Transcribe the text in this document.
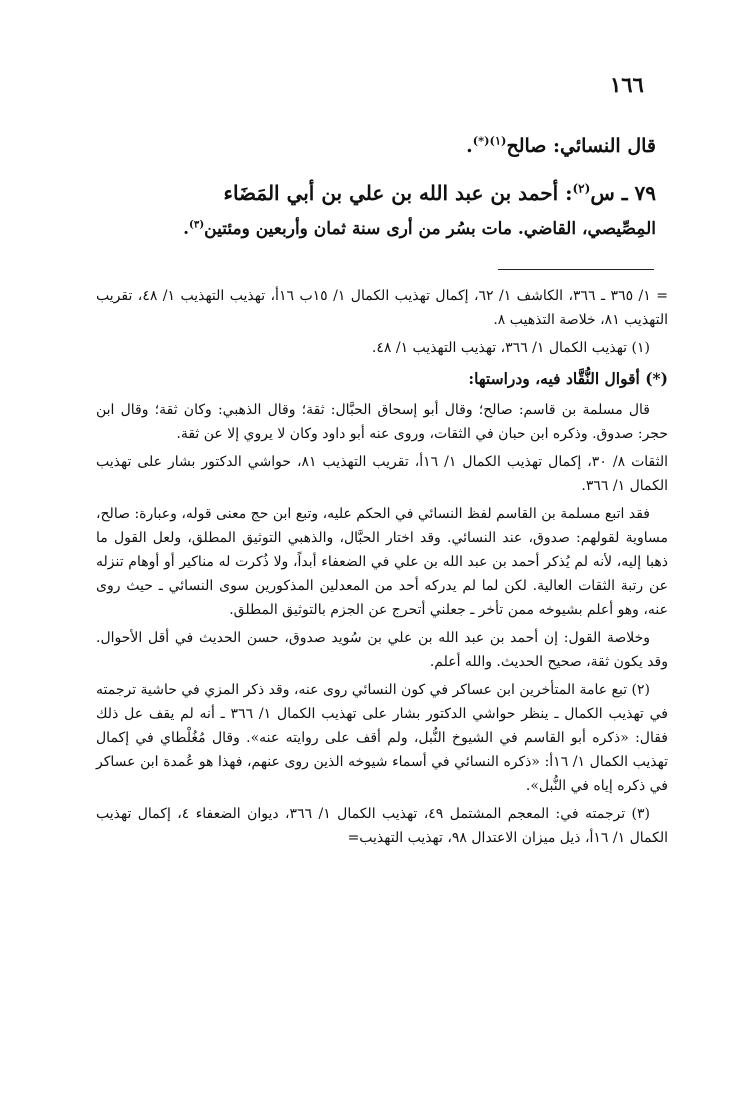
١٦٦
قال النسائي: صالح$^{(١)(*)}$.
٧٩ ـ س$^{(٢)}$: أحمد بن عبد الله بن علي بن أبي المَضَاء
المِصِّيصي، القاضي. مات بسُر من أرى سنة ثمان وأربعين ومئتين$^{(٣)}$.

= ١/ ٣٦٥ ـ ٣٦٦، الكاشف ١/ ٦٢، إكمال تهذيب الكمال ١/ ١٥ب ١٦أ، تهذيب التهذيب ١/ ٤٨، تقريب التهذيب ٨١، خلاصة التذهيب ٨.

(١) تهذيب الكمال ١/ ٣٦٦، تهذيب التهذيب ١/ ٤٨.

(*) أقوال النُّقَّاد فيه، ودراستها:

قال مسلمة بن قاسم: صالح؛ وقال أبو إسحاق الحبَّال: ثقة؛ وقال الذهبي: وكان ثقة؛ وقال ابن حجر: صدوق. وذكره ابن حبان في الثقات، وروى عنه أبو داود وكان لا يروي إلا عن ثقة.

الثقات ٨/ ٣٠، إكمال تهذيب الكمال ١/ ١٦أ، تقريب التهذيب ٨١، حواشي الدكتور بشار على تهذيب الكمال ١/ ٣٦٦.

فقد اتبع مسلمة بن القاسم لفظ النسائي في الحكم عليه، وتبع ابن حج معنى قوله، وعبارة: صالح، مساوية لقولهم: صدوق، عند النسائي. وقد اختار الحبَّال، والذهبي التوثيق المطلق، ولعل القول ما ذهبا إليه، لأنه لم يُذكر أحمد بن عبد الله بن علي في الضعفاء أبداً، ولا ذُكرت له مناكير أو أوهام تنزله عن رتبة الثقات العالية. لكن لما لم يدركه أحد من المعدلين المذكورين سوى النسائي ـ حيث روى عنه، وهو أعلم بشيوخه ممن تأخر ـ جعلني أتحرج عن الجزم بالتوثيق المطلق.

وخلاصة القول: إن أحمد بن عبد الله بن علي بن سُويد صدوق، حسن الحديث في أقل الأحوال. وقد يكون ثقة، صحيح الحديث. والله أعلم.

(٢) تبع عامة المتأخرين ابن عساكر في كون النسائي روى عنه، وقد ذكر المزي في حاشية ترجمته في تهذيب الكمال ـ ينظر حواشي الدكتور بشار على تهذيب الكمال ١/ ٣٦٦ ـ أنه لم يقف عل ذلك فقال: «ذكره أبو القاسم في الشيوخ النُّبل، ولم أقف على روايته عنه». وقال مُغُلْطاي في إكمال تهذيب الكمال ١/ ١٦أ: «ذكره النسائي في أسماء شيوخه الذين روى عنهم، فهذا هو عُمدة ابن عساكر في ذكره إياه في النُّبل».

(٣) ترجمته في: المعجم المشتمل ٤٩، تهذيب الكمال ١/ ٣٦٦، ديوان الضعفاء ٤، إكمال تهذيب الكمال ١/ ١٦أ، ذيل ميزان الاعتدال ٩٨، تهذيب التهذيب=
